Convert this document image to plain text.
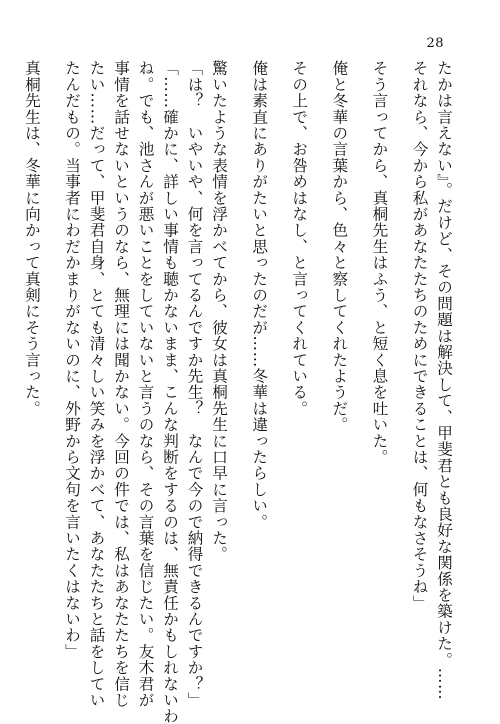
28
たかは言えない』。だけど、その問題は解決して、甲斐君とも良好な関係を築けた。……
それなら、今から私があなたたちのためにできることは、何もなさそうね」
そう言ってから、真桐先生はふう、と短く息を吐いた。
俺と冬華の言葉から、色々と察してくれたようだ。
その上で、お咎めはなし、と言ってくれている。
俺は素直にありがたいと思ったのだが……冬華は違ったらしい。
驚いたような表情を浮かべてから、彼女は真桐先生に口早に言った。
「は？　いやいや、何を言ってるんですか先生？　なんで今ので納得できるんですか？」
「……確かに、詳しい事情も聴かないまま、こんな判断をするのは、無責任かもしれないわ
ね。でも、池さんが悪いことをしていないと言うのなら、その言葉を信じたい。友木君が
事情を話せないというのなら、無理には聞かない。今回の件では、私はあなたたちを信じ
たい……だって、甲斐君自身、とても清々しい笑みを浮かべて、あなたたちと話をしてい
たんだもの。当事者にわだかまりがないのに、外野から文句を言いたくはないわ」
真桐先生は、冬華に向かって真剣にそう言った。
